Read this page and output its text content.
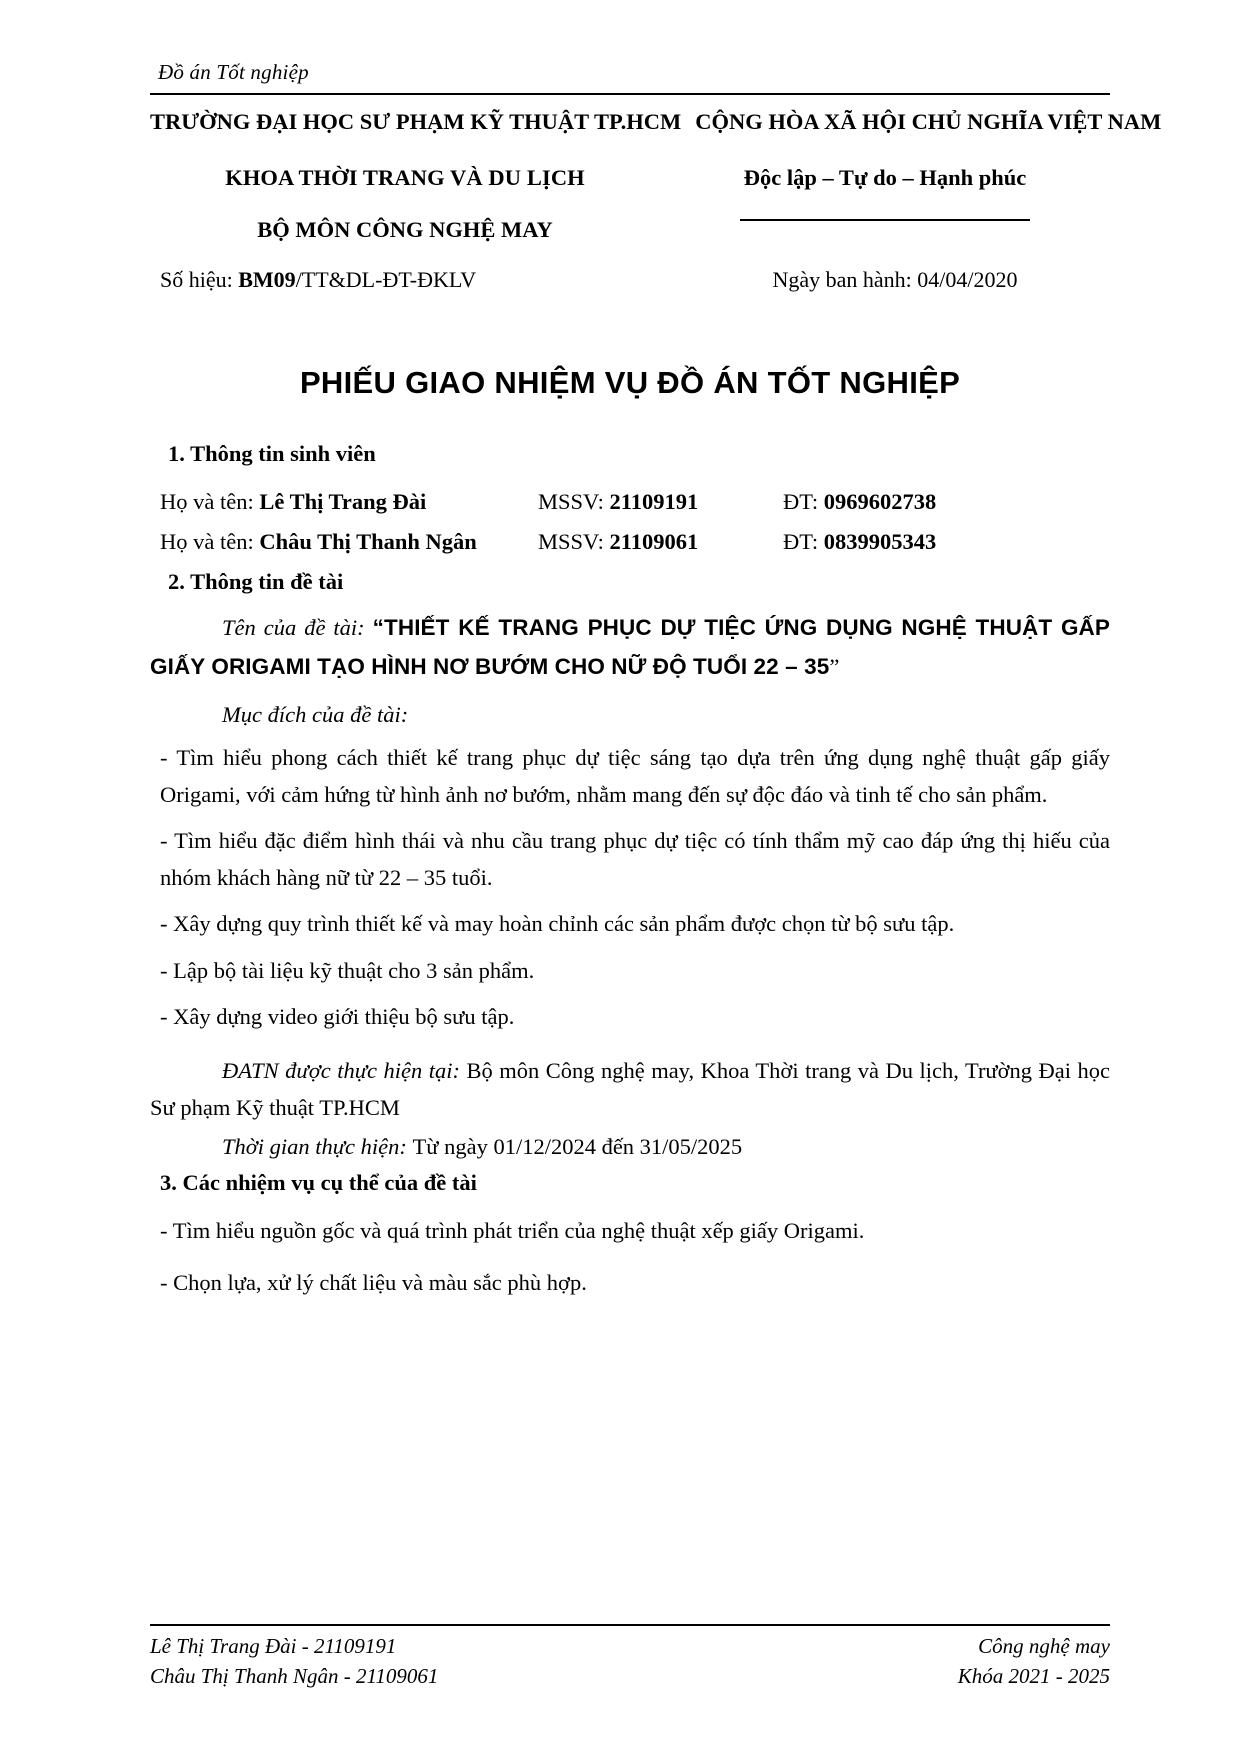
Đồ án Tốt nghiệp
TRƯỜNG ĐẠI HỌC SƯ PHẠM KỸ THUẬT TP.HCM CỘNG HÒA XÃ HỘI CHỦ NGHĨA VIỆT NAM
KHOA THỜI TRANG VÀ DU LỊCH	Độc lập – Tự do – Hạnh phúc
BỘ MÔN CÔNG NGHỆ MAY
Số hiệu: BM09/TT&DL-ĐT-ĐKLV	Ngày ban hành: 04/04/2020
PHIẾU GIAO NHIỆM VỤ ĐỒ ÁN TỐT NGHIỆP
1. Thông tin sinh viên
Họ và tên: Lê Thị Trang Đài	MSSV: 21109191	ĐT: 0969602738
Họ và tên: Châu Thị Thanh Ngân	MSSV: 21109061	ĐT: 0839905343
2. Thông tin đề tài
Tên của đề tài: “THIẾT KẾ TRANG PHỤC DỰ TIỆC ỨNG DỤNG NGHỆ THUẬT GẤP GIẤY ORIGAMI TẠO HÌNH NƠ BƯỚM CHO NỮ ĐỘ TUỔI 22 – 35”
Mục đích của đề tài:

- Tìm hiểu phong cách thiết kế trang phục dự tiệc sáng tạo dựa trên ứng dụng nghệ thuật gấp giấy Origami, với cảm hứng từ hình ảnh nơ bướm, nhằm mang đến sự độc đáo và tinh tế cho sản phẩm.

- Tìm hiểu đặc điểm hình thái và nhu cầu trang phục dự tiệc có tính thẩm mỹ cao đáp ứng thị hiếu của nhóm khách hàng nữ từ 22 – 35 tuổi.

- Xây dựng quy trình thiết kế và may hoàn chỉnh các sản phẩm được chọn từ bộ sưu tập.

- Lập bộ tài liệu kỹ thuật cho 3 sản phẩm.

- Xây dựng video giới thiệu bộ sưu tập.

ĐATN được thực hiện tại: Bộ môn Công nghệ may, Khoa Thời trang và Du lịch, Trường Đại học Sư phạm Kỹ thuật TP.HCM
Thời gian thực hiện: Từ ngày 01/12/2024 đến 31/05/2025
3. Các nhiệm vụ cụ thể của đề tài
- Tìm hiểu nguồn gốc và quá trình phát triển của nghệ thuật xếp giấy Origami.
- Chọn lựa, xử lý chất liệu và màu sắc phù hợp.
Lê Thị Trang Đài - 21109191
Châu Thị Thanh Ngân - 21109061
Công nghệ may
Khóa 2021 - 2025
